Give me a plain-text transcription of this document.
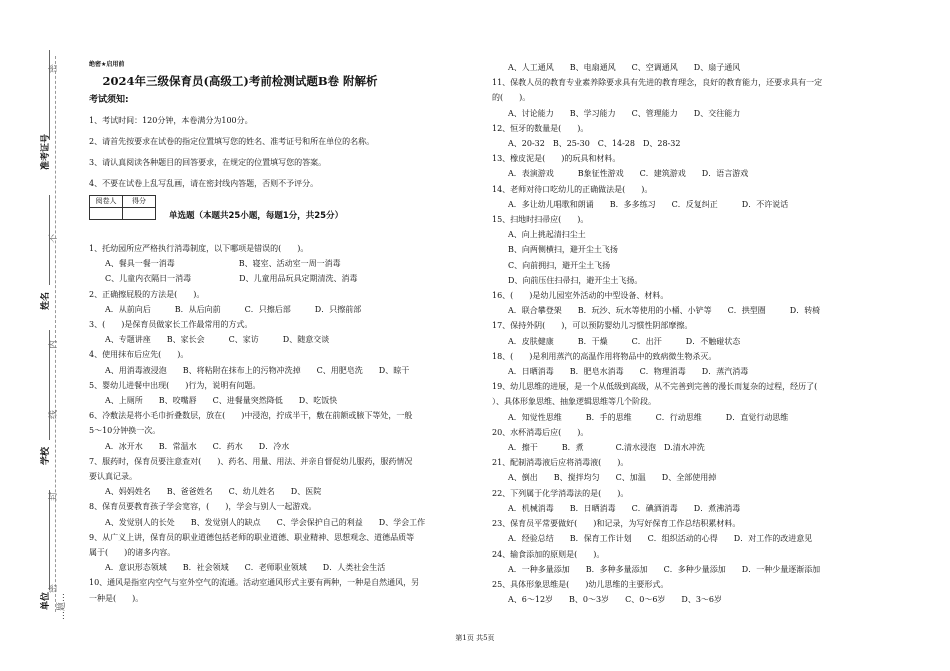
准考证号
姓名
学校
单位
密
不
内
线
封
密
…题…
绝密★启用前
2024年三级保育员(高级工)考前检测试题B卷 附解析
考试须知:
1、考试时间：120分钟，本卷满分为100分。
2、请首先按要求在试卷的指定位置填写您的姓名、准考证号和所在单位的名称。
3、请认真阅读各种题目的回答要求，在规定的位置填写您的答案。
4、不要在试卷上乱写乱画，请在密封线内答题，否则不予评分。
阅卷人	得分

单选题（本题共25小题，每题1分，共25分）
1、托幼园所应严格执行消毒制度，以下哪项是错误的(　　)。
　　A、餐具一餐一消毒　　　　　　　　B、寝室、活动室一周一消毒
　　C、儿童内衣隔日一消毒　　　　　　D、儿童用品玩具定期清洗、消毒
2、正确擦屁股的方法是(　　)。
　　A．从前向后　　　B．从后向前　　　C．只擦后部　　　D．只擦前部
3、(　　)是保育员做家长工作最常用的方式。
　　A、专题讲座　　B、家长会　　　C、家访　　　D、随意交谈
4、使用抹布后应先(　　)。
　　A、用消毒液浸泡　　B、将粘附在抹布上的污物冲洗掉　　C、用肥皂洗　　D、晾干
5、婴幼儿进餐中出现(　　)行为，说明有问题。
　　A、上厕所　　B、咬嘴唇　　C、进餐量突然降低　　D、吃饭快
6、冷敷法是将小毛巾折叠数层，放在(　　)中浸泡，拧成半干，敷在前额或腋下等处，一般
5～10分钟换一次。
　　A．冰开水　　B．常温水　　C．药水　　D．冷水
7、服药时，保育员要注意查对(　　)、药名、用量、用法、并亲自督促幼儿服药，服药情况
要认真记录。
　　A、妈妈姓名　　B、爸爸姓名　　C、幼儿姓名　　D、医院
8、保育员要教育孩子学会宽容，(　　)，学会与别人一起游戏。
　　A、发觉别人的长处　　B、发觉别人的缺点　　C、学会保护自己的利益　　D、学会工作
9、从广义上讲，保育员的职业道德包括老师的职业道德、职业精神、思想观念、道德品质等
属于(　　)的诸多内容。
　　A．意识形态领域　　B．社会领域　　C．老师职业领域　　D．人类社会生活
10、通风是指室内空气与室外空气的流通。活动室通风形式主要有两种，一种是自然通风，另
一种是(　　)。
　　A、人工通风　　B、电扇通风　　C、空调通风　　D、扇子通风
11、保教人员的教育专业素养除要求具有先进的教育理念，良好的教育能力，还要求具有一定
的(　　)。
　　A、讨论能力　　B、学习能力　　C、管理能力　　D、交往能力
12、恒牙的数量是(　　)。
　　A、20-32　B、25-30　C、14-28　D、28-32
13、橡皮泥是(　　)的玩具和材料。
　　A．表演游戏　　　B象征性游戏　　C．建筑游戏　　D．语言游戏
14、老师对待口吃幼儿的正确做法是(　　)。
　　A．多让幼儿唱歌和朗诵　　B．多多练习　　C．反复纠正　　　D．不许说话
15、扫地时扫帚应(　　)。
　　A、向上挑起清扫尘土
　　B、向两侧横扫，避开尘土飞扬
　　C、向前拥扫，避开尘土飞扬
　　D、向前压住扫帚扫，避开尘土飞扬。
16、(　　)是幼儿园室外活动的中型设备、材料。
　　A．联合攀登架　　B．玩沙、玩水等使用的小桶、小铲等　　C．拱型圈　　　D．转椅
17、保持外阴(　　)，可以预防婴幼儿习惯性阴部摩擦。
　　A．皮肤健康　　　B．干燥　　　C．出汗　　　D．不触碰状态
18、(　　)是利用蒸汽的高温作用将物品中的致病微生物杀灭。
　　A．日晒消毒　　B．肥皂水消毒　　C．物理消毒　　D．蒸汽消毒
19、幼儿思维的进展，是一个从低级到高级，从不完善到完善的漫长而复杂的过程，经历了(
）、具体形象思维、抽象逻辑思维等几个阶段。
　　A．知觉性思维　　　B．手的思维　　　C．行动思维　　　D．直觉行动思维
20、水杯消毒后应(　　)。
　　A．擦干　　　B．煮　　　　C.清水浸泡　D.清水冲洗
21、配制消毒液后应将消毒液(　　)。
　　A、倒出　　B、搅拌均匀　　C、加温　　D、全部使用掉
22、下列属于化学消毒法的是(　　)。
　　A．机械消毒　　B．日晒消毒　　C．碘酒消毒　　D．煮沸消毒
23、保育员平常要做好(　　)和记录，为写好保育工作总结积累材料。
　　A．经验总结　　B．保育工作计划　　C．组织活动的心得　　D．对工作的改进意见
24、输食添加的原则是(　　)。
　　A．一种多量添加　　B．多种多量添加　　C．多种少量添加　　D．一种少量逐渐添加
25、具体形象思维是(　　)幼儿思维的主要形式。
　　A、6～12岁　　B、0～3岁　　C、0～6岁　　D、3～6岁
第1页 共5页
